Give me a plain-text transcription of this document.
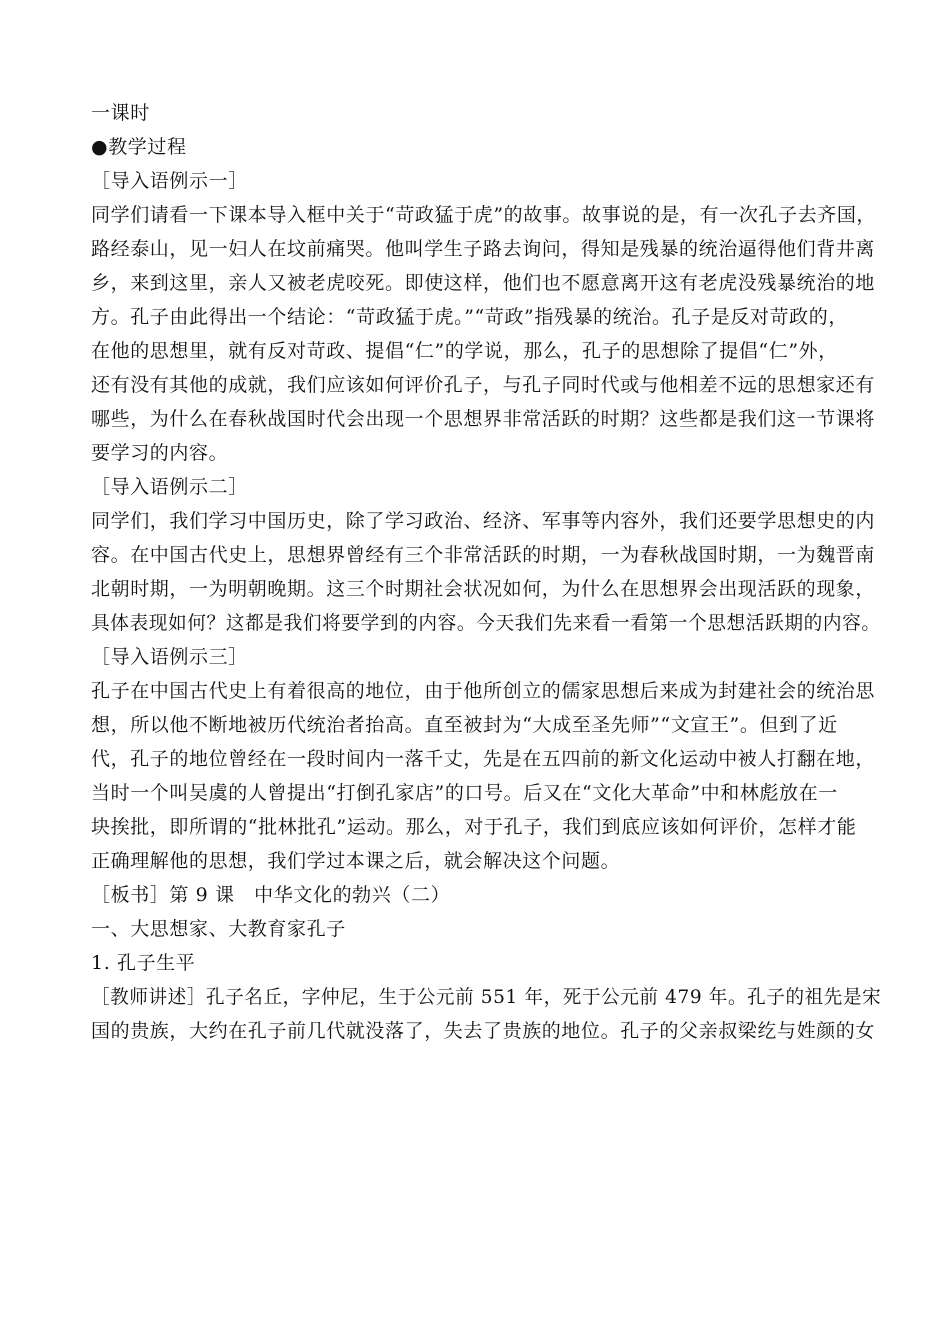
一课时
●教学过程
［导入语例示一］
同学们请看一下课本导入框中关于“苛政猛于虎”的故事。故事说的是，有一次孔子去齐国，
路经泰山，见一妇人在坟前痛哭。他叫学生子路去询问，得知是残暴的统治逼得他们背井离
乡，来到这里，亲人又被老虎咬死。即使这样，他们也不愿意离开这有老虎没残暴统治的地
方。孔子由此得出一个结论：“苛政猛于虎。”“苛政”指残暴的统治。孔子是反对苛政的，
在他的思想里，就有反对苛政、提倡“仁”的学说，那么，孔子的思想除了提倡“仁”外，
还有没有其他的成就，我们应该如何评价孔子，与孔子同时代或与他相差不远的思想家还有
哪些，为什么在春秋战国时代会出现一个思想界非常活跃的时期？这些都是我们这一节课将
要学习的内容。
［导入语例示二］
同学们，我们学习中国历史，除了学习政治、经济、军事等内容外，我们还要学思想史的内
容。在中国古代史上，思想界曾经有三个非常活跃的时期，一为春秋战国时期，一为魏晋南
北朝时期，一为明朝晚期。这三个时期社会状况如何，为什么在思想界会出现活跃的现象，
具体表现如何？这都是我们将要学到的内容。今天我们先来看一看第一个思想活跃期的内容。
［导入语例示三］
孔子在中国古代史上有着很高的地位，由于他所创立的儒家思想后来成为封建社会的统治思
想，所以他不断地被历代统治者抬高。直至被封为“大成至圣先师”“文宣王”。但到了近
代，孔子的地位曾经在一段时间内一落千丈，先是在五四前的新文化运动中被人打翻在地，
当时一个叫吴虞的人曾提出“打倒孔家店”的口号。后又在“文化大革命”中和林彪放在一
块挨批，即所谓的“批林批孔”运动。那么，对于孔子，我们到底应该如何评价，怎样才能
正确理解他的思想，我们学过本课之后，就会解决这个问题。
［板书］第 9 课　中华文化的勃兴（二）
一、大思想家、大教育家孔子
1. 孔子生平
［教师讲述］孔子名丘，字仲尼，生于公元前 551 年，死于公元前 479 年。孔子的祖先是宋
国的贵族，大约在孔子前几代就没落了，失去了贵族的地位。孔子的父亲叔梁纥与姓颜的女
